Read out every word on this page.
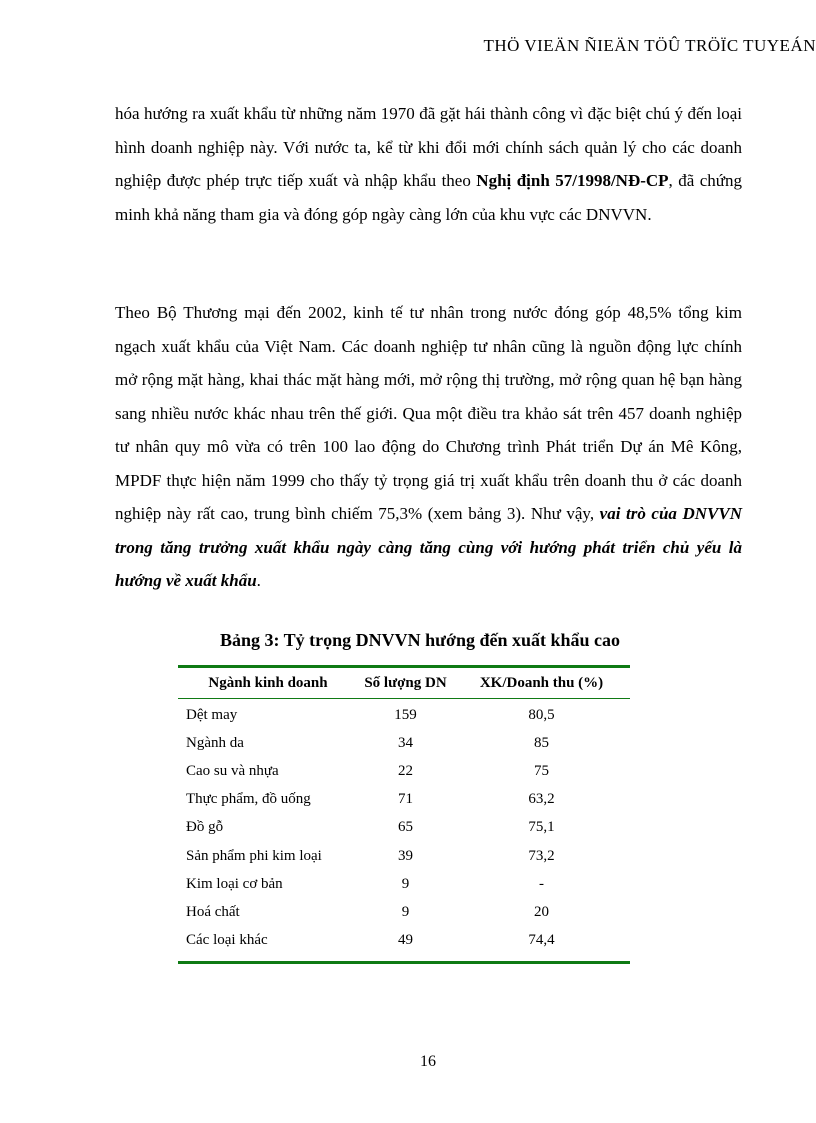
THÖ VIEÄN ÑIEÄN TÖÛ TRÖÏC TUYEÁN

hóa hướng ra xuất khẩu từ những năm 1970 đã gặt hái thành công vì đặc biệt chú ý đến loại hình doanh nghiệp này. Với nước ta, kể từ khi đổi mới chính sách quản lý cho các doanh nghiệp được phép trực tiếp xuất và nhập khẩu theo Nghị định 57/1998/NĐ-CP, đã chứng minh khả năng tham gia và đóng góp ngày càng lớn của khu vực các DNVVN.

Theo Bộ Thương mại đến 2002, kinh tế tư nhân trong nước đóng góp 48,5% tổng kim ngạch xuất khẩu của Việt Nam. Các doanh nghiệp tư nhân cũng là nguồn động lực chính mở rộng mặt hàng, khai thác mặt hàng mới, mở rộng thị trường, mở rộng quan hệ bạn hàng sang nhiều nước khác nhau trên thế giới. Qua một điều tra khảo sát trên 457 doanh nghiệp tư nhân quy mô vừa có trên 100 lao động do Chương trình Phát triển Dự án Mê Kông, MPDF thực hiện năm 1999 cho thấy tỷ trọng giá trị xuất khẩu trên doanh thu ở các doanh nghiệp này rất cao, trung bình chiếm 75,3% (xem bảng 3). Như vậy, vai trò của DNVVN trong tăng trưởng xuất khẩu ngày càng tăng cùng với hướng phát triển chủ yếu là hướng về xuất khẩu.

Bảng 3: Tỷ trọng DNVVN hướng đến xuất khẩu cao
Ngành kinh doanh	Số lượng DN	XK/Doanh thu (%)
Dệt may	159	80,5
Ngành da	34	85
Cao su và nhựa	22	75
Thực phẩm, đồ uống	71	63,2
Đồ gỗ	65	75,1
Sản phẩm phi kim loại	39	73,2
Kim loại cơ bản	9	-
Hoá chất	9	20
Các loại khác	49	74,4
16
